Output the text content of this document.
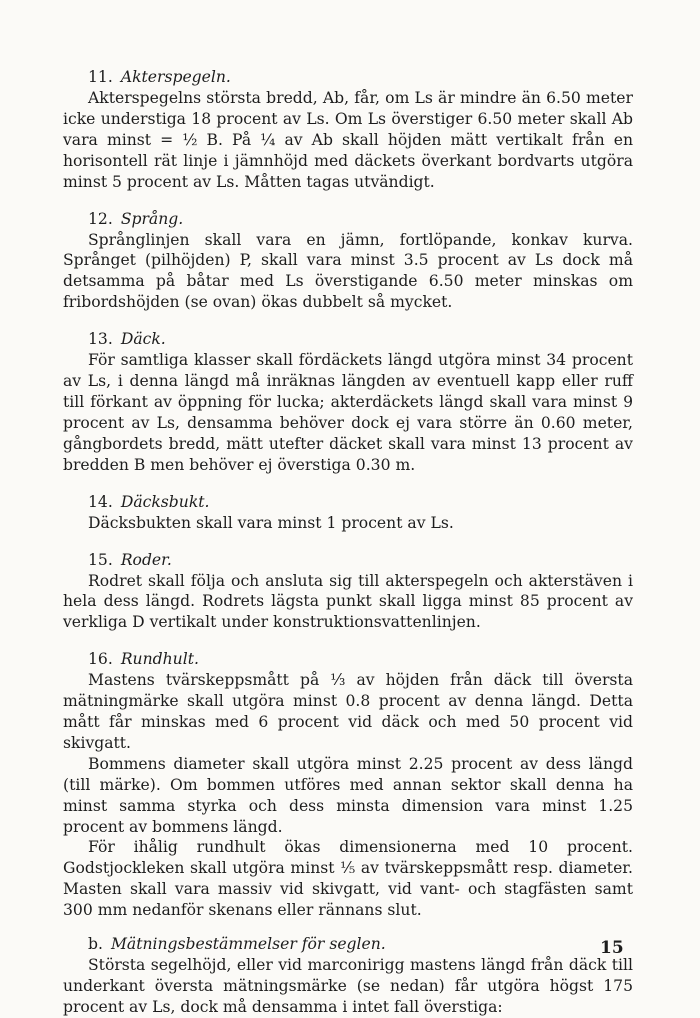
11. Akterspegeln.
Akterspegelns största bredd, Ab, får, om Ls är mindre än 6.50 meter icke understiga 18 procent av Ls. Om Ls överstiger 6.50 meter skall Ab vara minst = ½ B. På ¼ av Ab skall höjden mätt vertikalt från en horisontell rät linje i jämnhöjd med däckets överkant bordvarts utgöra minst 5 procent av Ls. Måtten tagas utvändigt.
12. Språng.
Språnglinjen skall vara en jämn, fortlöpande, konkav kurva. Språnget (pilhöjden) P, skall vara minst 3.5 procent av Ls dock må detsamma på båtar med Ls överstigande 6.50 meter minskas om fribordshöjden (se ovan) ökas dubbelt så mycket.
13. Däck.
För samtliga klasser skall fördäckets längd utgöra minst 34 procent av Ls, i denna längd må inräknas längden av eventuell kapp eller ruff till förkant av öppning för lucka; akterdäckets längd skall vara minst 9 procent av Ls, densamma behöver dock ej vara större än 0.60 meter, gångbordets bredd, mätt utefter däcket skall vara minst 13 procent av bredden B men behöver ej överstiga 0.30 m.
14. Däcksbukt.
Däcksbukten skall vara minst 1 procent av Ls.
15. Roder.
Rodret skall följa och ansluta sig till akterspegeln och akterstäven i hela dess längd. Rodrets lägsta punkt skall ligga minst 85 procent av verkliga D vertikalt under konstruktionsvattenlinjen.
16. Rundhult.
Mastens tvärskeppsmått på ⅓ av höjden från däck till översta mätningmärke skall utgöra minst 0.8 procent av denna längd. Detta mått får minskas med 6 procent vid däck och med 50 procent vid skivgatt.
Bommens diameter skall utgöra minst 2.25 procent av dess längd (till märke). Om bommen utföres med annan sektor skall denna ha minst samma styrka och dess minsta dimension vara minst 1.25 procent av bommens längd.
För ihålig rundhult ökas dimensionerna med 10 procent. Godstjockleken skall utgöra minst ⅕ av tvärskeppsmått resp. diameter. Masten skall vara massiv vid skivgatt, vid vant- och stagfästen samt 300 mm nedanför skenans eller rännans slut.
b. Mätningsbestämmelser för seglen.
Största segelhöjd, eller vid marconirigg mastens längd från däck till underkant översta mätningsmärke (se nedan) får utgöra högst 175 procent av Ls, dock må densamma i intet fall överstiga:
15
